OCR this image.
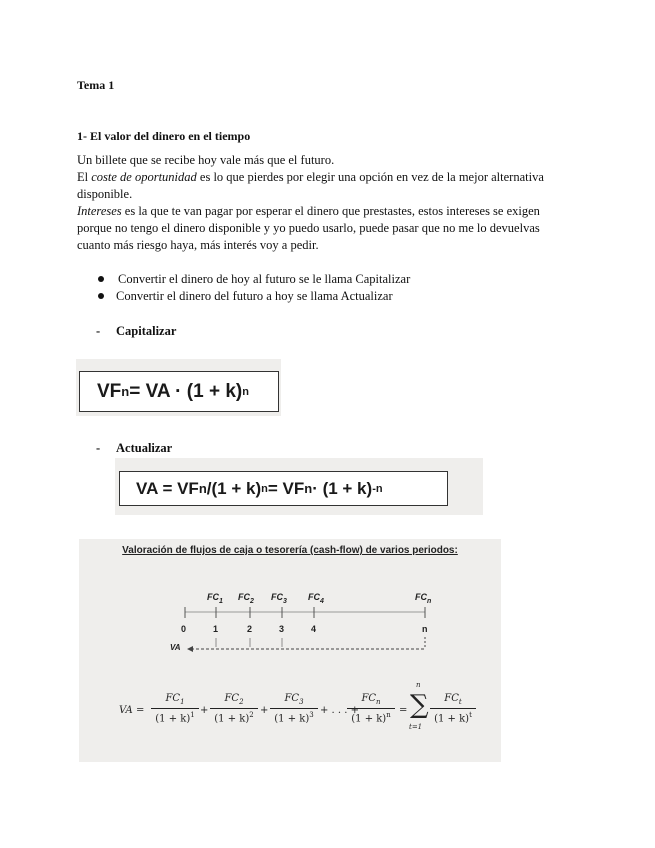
Tema 1
1- El valor del dinero en el tiempo
Un billete que se recibe hoy vale más que el futuro.
El coste de oportunidad es lo que pierdes por elegir una opción en vez de la mejor alternativa
disponible.
Intereses es la que te van pagar por esperar el dinero que prestastes, estos intereses se exigen
porque no tengo el dinero disponible y yo puedo usarlo, puede pasar que no me lo devuelvas
cuanto más riesgo haya, más interés voy a pedir.
Convertir el dinero de hoy al futuro se le llama Capitalizar
Convertir el dinero del futuro a hoy se llama Actualizar
- Capitalizar
VF n = VA · (1 + k) n
- Actualizar
VA = VF n /(1 + k) n = VF n · (1 + k) -n
Valoración de flujos de caja o tesorería (cash-flow) de varios periodos:
$FC_1$ $FC_2$ $FC_3$ $FC_4$	$FC_n$
0	1	2	3	4	n
VA
VA =
$FC_1$
$(1 + k)^1$ +
$FC_2$
$(1 + k)^2$ +
$FC_3$
$(1 + k)^3$ + . . . +
$FC_n$
$(1 + k)^n$ =
n
∑
t=1
$FC_t$
$(1 + k)^t$
